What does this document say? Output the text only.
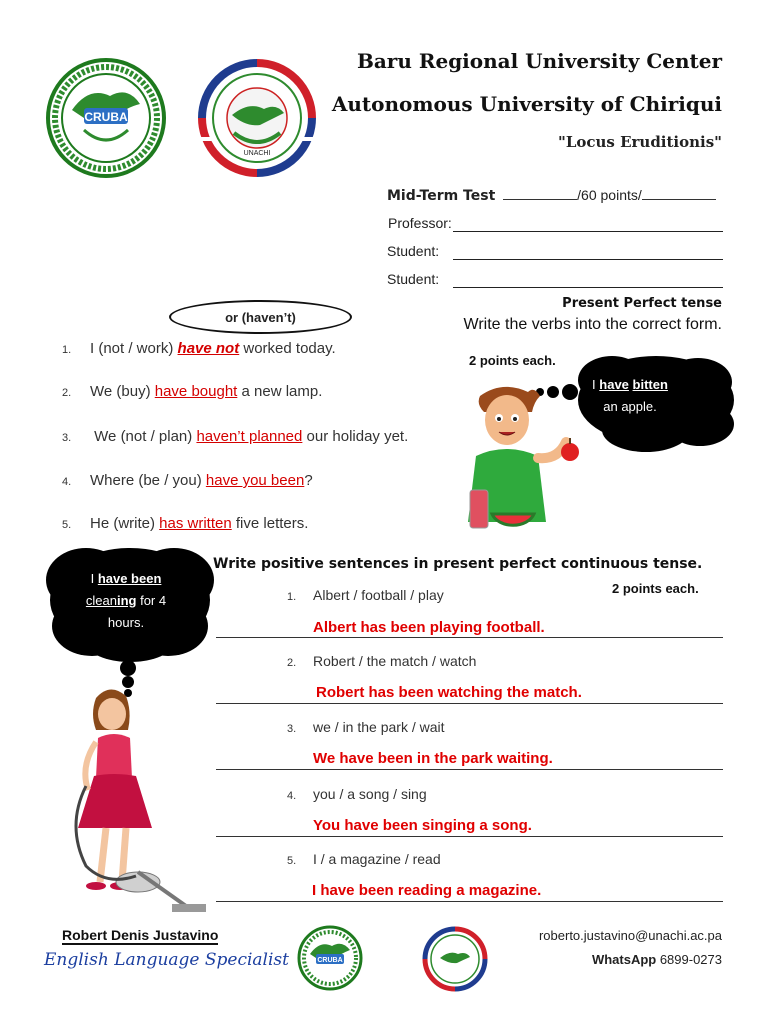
CRUBA
UNACHI
Baru Regional University Center
Autonomous University of Chiriqui
"Locus Eruditionis"
Mid-Term Test	/60 points/
Professor:
Student:
Student:
Present Perfect tense
Write the verbs into the correct form.
2 points each.
or (haven’t)
1. I (not / work) have not worked today.
2. We (buy) have bought a new lamp.
3. We (not / plan) haven’t planned our holiday yet.
4. Where (be / you) have you been?
5. He (write) has written five letters.
I have bitten
an apple.
Write positive sentences in present perfect continuous tense.
2 points each.
I have been
cleaning for 4
hours.
1. Albert / football / play
Albert has been playing football.
2. Robert / the match / watch
Robert has been watching the match.
3. we / in the park / wait
We have been in the park waiting.
4. you / a song / sing
You have been singing a song.
5. I / a magazine / read
I have been reading a magazine.
Robert Denis Justavino
English Language Specialist	CRUBA
roberto.justavino@unachi.ac.pa
WhatsApp 6899-0273
